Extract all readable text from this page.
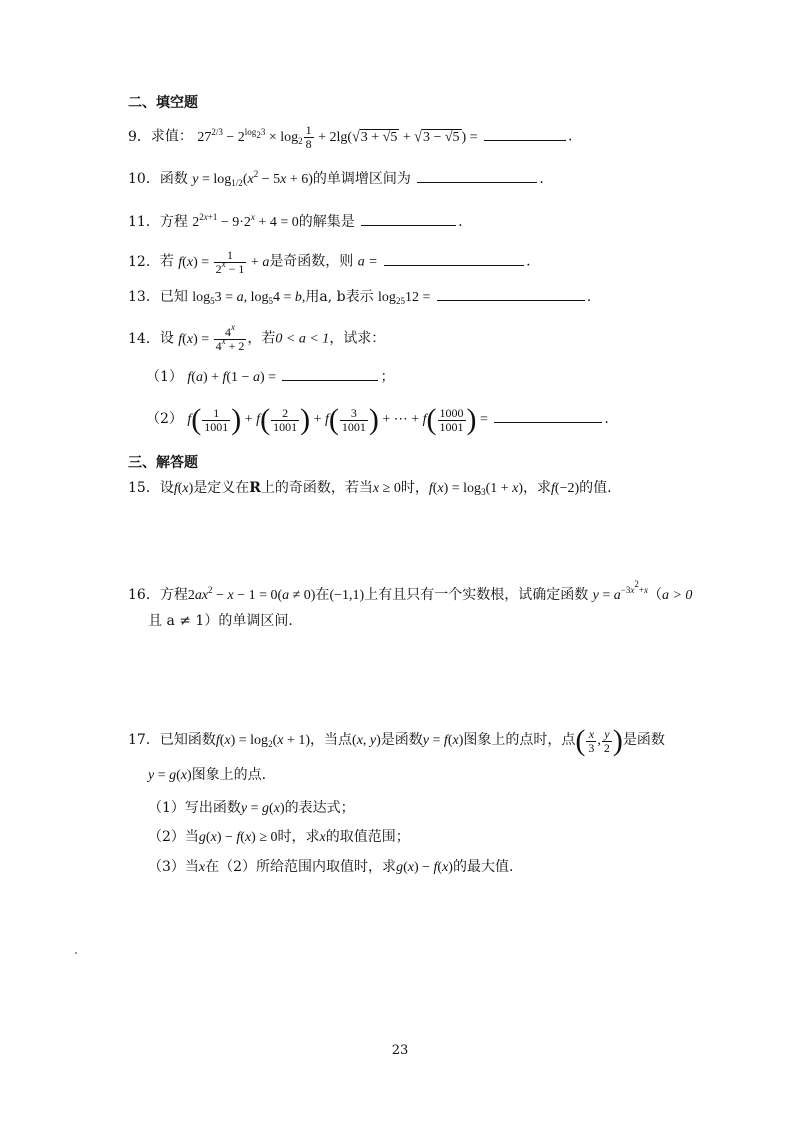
二、填空题
9．求值： $27^{2/3} - 2^{log_23} \times \log_2 \frac{1}{8} + 2\lg(√3 + √5 + √3 - √5$ ) =	.
10．函数 $y = \log_{1/2}(x^2 - 5x + 6)$的单调增区间为	.
11．方程 $2^{2x+1} - 9\cdot 2^x + 4 = 0$的解集是	.
12．若 $f(x) = \frac{1}{2^x - 1} + a$是奇函数，则 a =	.
13．已知 $\log_53 = a$, $\log_54 = b$,用a, b表示 $\log_{25}12$ =	.
14．设 $f(x) = \frac{4^x}{4^x + 2}$ ，若0 < a < 1，试求：
（1） f(a) + f(1 − a) =	；
（2） $f( \frac{1}{1001}$ ) + $f( \frac{2}{1001}$ ) + $f( \frac{3}{1001}$ ) + ⋯ + $f( \frac{1000}{1001}$ ) =	.
三、解答题
15．设f(x)是定义在R上的奇函数，若当x ≥ 0时，$f(x) = \log_3(1 + x)$，求f(−2)的值.
16．方程$2ax^2 - x - 1 = 0(a \ne 0)$在(−1,1)上有且只有一个实数根，试确定函数 $y = a^{-3x^2+x}(a > 0$
且 a ≠ 1）的单调区间.
17．已知函数$f(x) = \log_2(x + 1)$，当点(x, y)是函数y = f(x)图象上的点时，点( $\frac{x}{3}$ , $\frac{y}{2}$ )是函数
y = g(x)图象上的点.
（1）写出函数y = g(x)的表达式；
（2）当g(x) − f(x) ≥ 0时，求x的取值范围；
（3）当x在（2）所给范围内取值时，求g(x) − f(x)的最大值.
23
